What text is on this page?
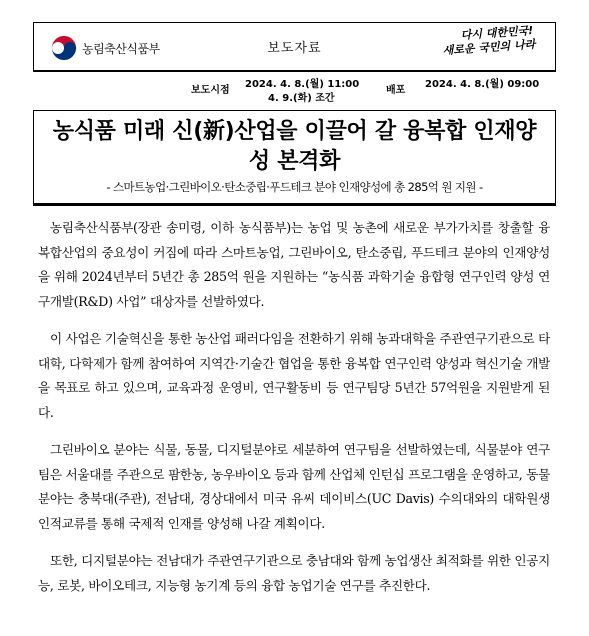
농림축산식품부	보도자료
다시 대한민국!
새로운 국민의 나라
보도시점
2024. 4. 8.(월) 11:00
4. 9.(화) 조간
배포
2024. 4. 8.(월) 09:00
농식품 미래 신(新)산업을 이끌어 갈 융복합 인재양성 본격화
- 스마트농업·그린바이오·탄소중립·푸드테크 분야 인재양성에 총 285억 원 지원 -

농림축산식품부(장관 송미령, 이하 농식품부)는 농업 및 농촌에 새로운 부가가치를 창출할 융복합산업의 중요성이 커짐에 따라 스마트농업, 그린바이오, 탄소중립, 푸드테크 분야의 인재양성을 위해 2024년부터 5년간 총 285억 원을 지원하는 “농식품 과학기술 융합형 연구인력 양성 연구개발(R&D) 사업” 대상자를 선발하였다.

이 사업은 기술혁신을 통한 농산업 패러다임을 전환하기 위해 농과대학을 주관연구기관으로 타 대학, 다학제가 함께 참여하여 지역간·기술간 협업을 통한 융복합 연구인력 양성과 혁신기술 개발을 목표로 하고 있으며, 교육과정 운영비, 연구활동비 등 연구팀당 5년간 57억원을 지원받게 된다.

그린바이오 분야는 식물, 동물, 디지털분야로 세분하여 연구팀을 선발하였는데, 식물분야 연구팀은 서울대를 주관으로 팜한농, 농우바이오 등과 함께 산업체 인턴십 프로그램을 운영하고, 동물분야는 충북대(주관), 전남대, 경상대에서 미국 유씨 데이비스(UC Davis) 수의대와의 대학원생 인적교류를 통해 국제적 인재를 양성해 나갈 계획이다.

또한, 디지털분야는 전남대가 주관연구기관으로 충남대와 함께 농업생산 최적화를 위한 인공지능, 로봇, 바이오테크, 지능형 농기계 등의 융합 농업기술 연구를 추진한다.
